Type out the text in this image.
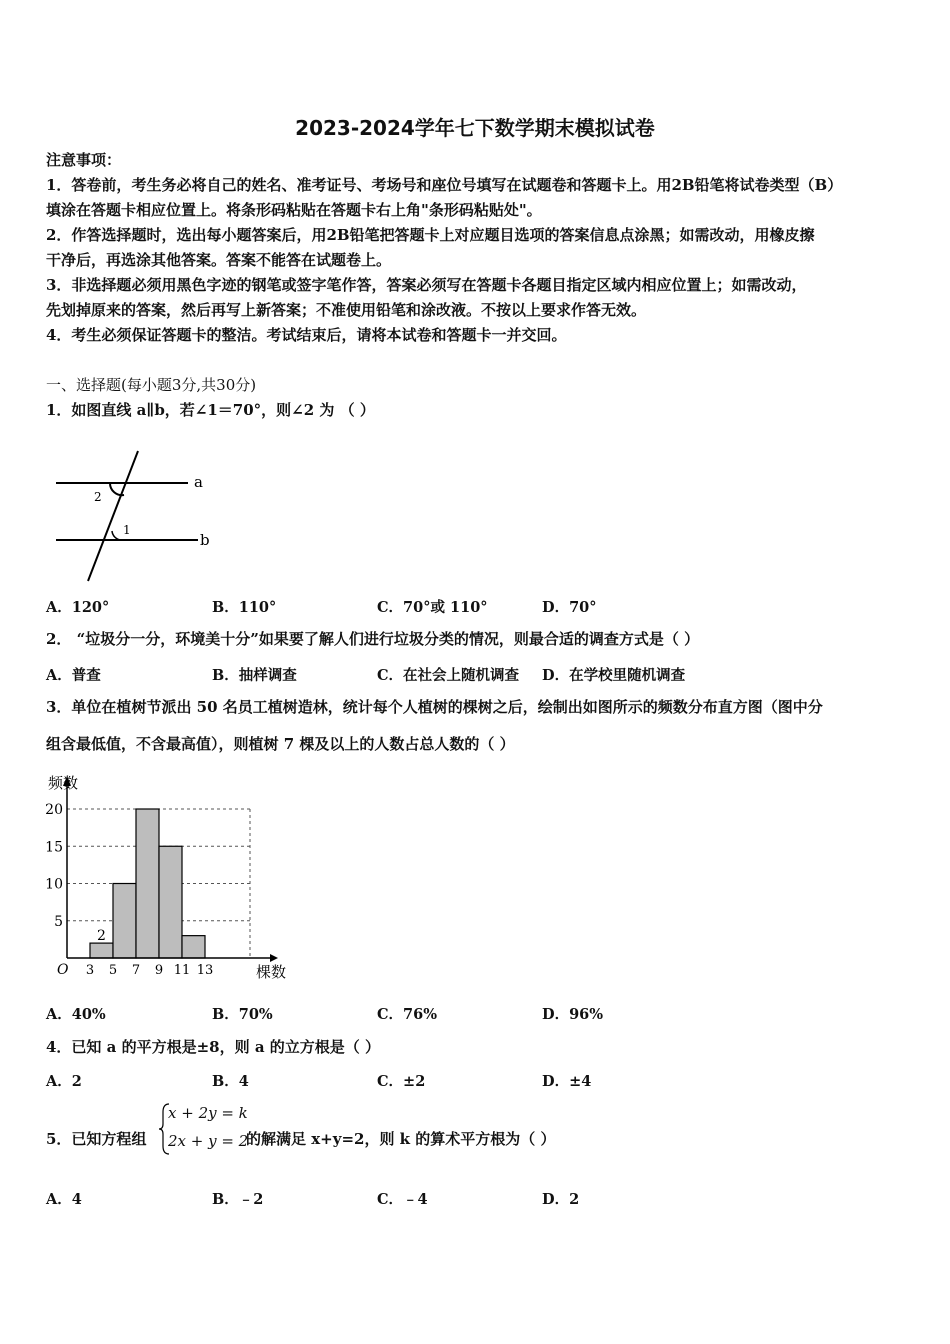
2023-2024学年七下数学期末模拟试卷
注意事项：
1．答卷前，考生务必将自己的姓名、准考证号、考场号和座位号填写在试题卷和答题卡上。用2B铅笔将试卷类型（B）
填涂在答题卡相应位置上。将条形码粘贴在答题卡右上角"条形码粘贴处"。
2．作答选择题时，选出每小题答案后，用2B铅笔把答题卡上对应题目选项的答案信息点涂黑；如需改动，用橡皮擦
干净后，再选涂其他答案。答案不能答在试题卷上。
3．非选择题必须用黑色字迹的钢笔或签字笔作答，答案必须写在答题卡各题目指定区域内相应位置上；如需改动，
先划掉原来的答案，然后再写上新答案；不准使用铅笔和涂改液。不按以上要求作答无效。
4．考生必须保证答题卡的整洁。考试结束后，请将本试卷和答题卡一并交回。
一、选择题(每小题3分,共30分)
1．如图直线 a∥b，若∠1＝70°，则∠2 为 （ ）
a
b
1
2
A．120°	B．110°	C．70°或 110°	D．70°
2． “垃圾分一分，环境美十分”如果要了解人们进行垃圾分类的情况，则最合适的调查方式是（ ）
A．普查	B．抽样调查	C．在社会上随机调查 D．在学校里随机调查
3．单位在植树节派出 50 名员工植树造林，统计每个人植树的棵树之后，绘制出如图所示的频数分布直方图（图中分
组含最低值，不含最高值），则植树 7 棵及以上的人数占总人数的（ ）
5
10
15
20
2
3 5 7 9 11 13
频数
棵数
O
A．40%	B．70%	C．76%	D．96%
4．已知 a 的平方根是±8，则 a 的立方根是（ ）
A．2	B．4	C．±2	D．±4
5．已知方程组
x + 2y = k
2x + y = 2
的解满足 x+y=2，则 k 的算术平方根为（ ）
A．4	B．﹣2	C．﹣4	D．2
